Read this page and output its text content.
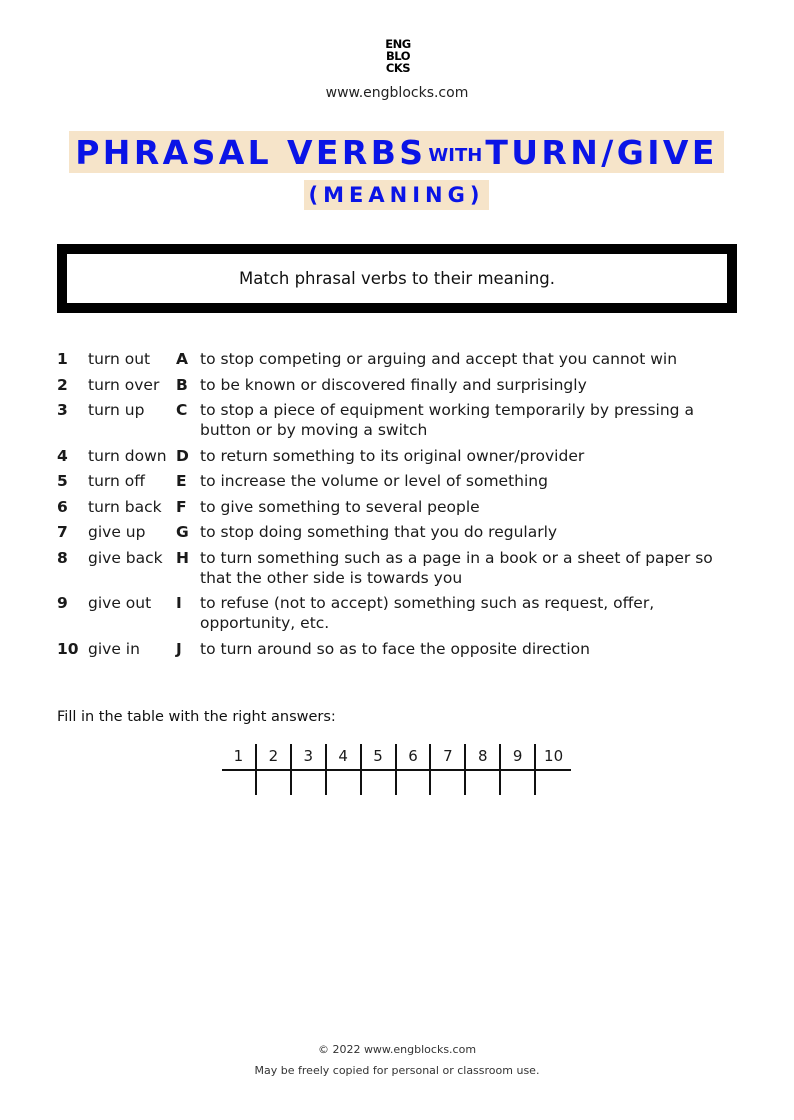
ENG
BLO
CKS
www.engblocks.com
PHRASAL VERBS WITH TURN/GIVE
(MEANING)
Match phrasal verbs to their meaning.
1	turn out	A to stop competing or arguing and accept that you cannot win
2	turn over	B to be known or discovered finally and surprisingly
3	turn up	C to stop a piece of equipment working temporarily by pressing a button or by moving a switch
4	turn down D to return something to its original owner/provider
5	turn off	E to increase the volume or level of something
6	turn back F to give something to several people
7	give up	G to stop doing something that you do regularly
8	give back H to turn something such as a page in a book or a sheet of paper so that the other side is towards you
9	give out	I	to refuse (not to accept) something such as request, offer, opportunity, etc.
10 give in	J	to turn around so as to face the opposite direction
Fill in the table with the right answers:
1	2	3	4	5	6	7	8	9	10
© 2022 www.engblocks.com
May be freely copied for personal or classroom use.
